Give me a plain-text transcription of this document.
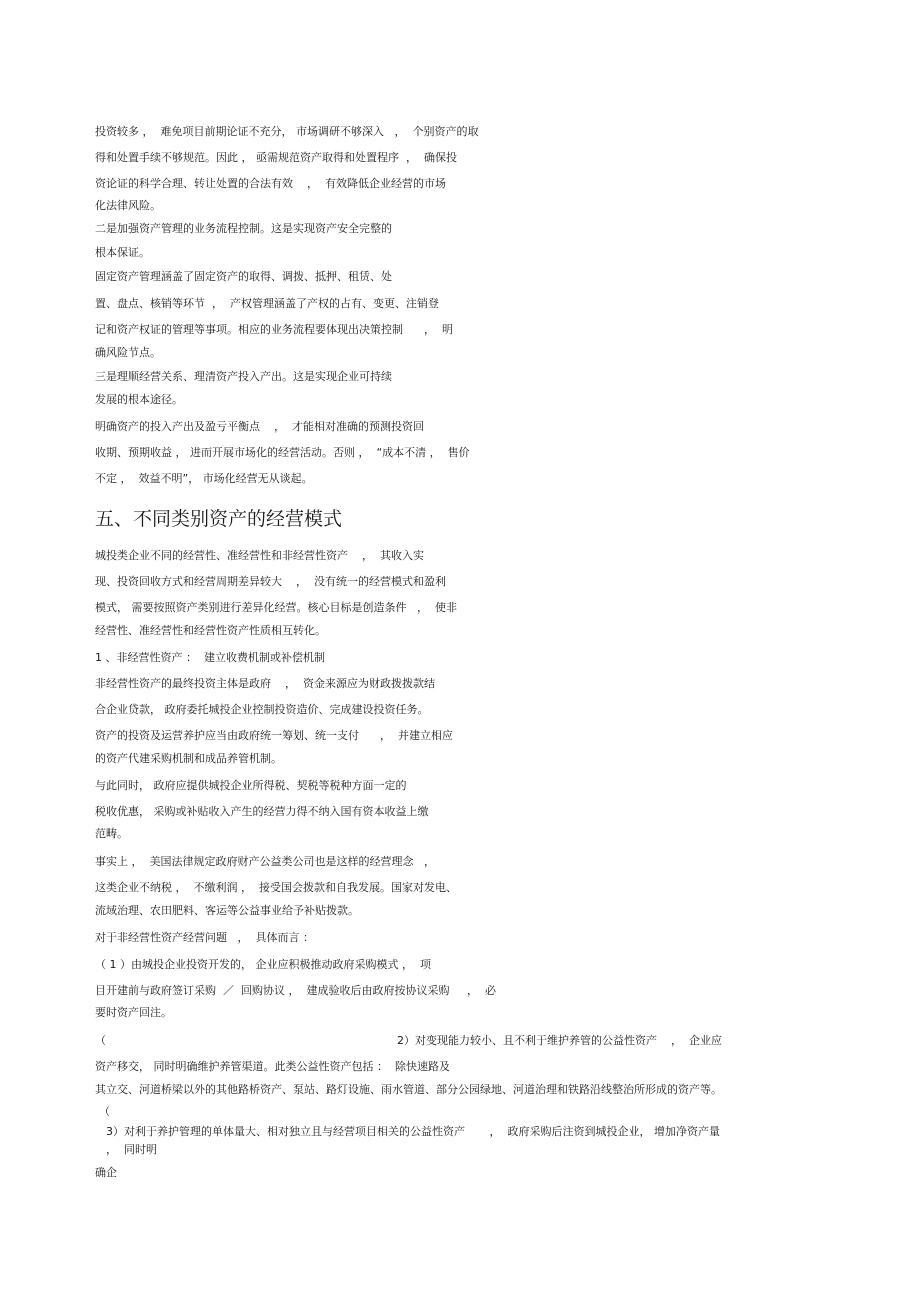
投资较多 ，  难免项目前期论证不充分， 市场调研不够深入   ，  个别资产的取
得和处置手续不够规范。因此 ， 亟需规范资产取得和处置程序  ，  确保投
资论证的科学合理、转让处置的合法有效    ，  有效降低企业经营的市场
化法律风险。
二是加强资产管理的业务流程控制。这是实现资产安全完整的
根本保证。
固定资产管理涵盖了固定资产的取得、调拨、抵押、租赁、处
置、盘点、核销等环节  ，  产权管理涵盖了产权的占有、变更、注销登
记和资产权证的管理等事项。相应的业务流程要体现出决策控制      ，  明
确风险节点。
三是理顺经营关系、理清资产投入产出。这是实现企业可持续
发展的根本途径。
明确资产的投入产出及盈亏平衡点    ，  才能相对准确的预测投资回
收期、预期收益 ， 进而开展市场化的经营活动。否则 ，  “成本不清 ，  售价
不定 ，  效益不明”， 市场化经营无从谈起。
五、不同类别资产的经营模式
城投类企业不同的经营性、准经营性和非经营性资产    ，  其收入实
现、投资回收方式和经营周期差异较大    ，  没有统一的经营模式和盈利
模式， 需要按照资产类别进行差异化经营。核心目标是创造条件   ，  使非
经营性、准经营性和经营性资产性质相互转化。
1 、非经营性资产 ：  建立收费机制或补偿机制
非经营性资产的最终投资主体是政府    ，  资金来源应为财政拨拨款结
合企业贷款， 政府委托城投企业控制投资造价、完成建设投资任务。
资产的投资及运营养护应当由政府统一筹划、统一支付      ，  并建立相应
的资产代建采购机制和成品养管机制。
与此同时， 政府应提供城投企业所得税、契税等税种方面一定的
税收优惠， 采购或补贴收入产生的经营力得不纳入国有资本收益上缴
范畴。
事实上 ，  美国法律规定政府财产公益类公司也是这样的经营理念   ，
这类企业不纳税 ，  不缴利润 ，  接受国会拨款和自我发展。国家对发电、
流域治理、农田肥料、客运等公益事业给予补贴拨款。
对于非经营性资产经营问题   ，  具体而言 ：
（ 1 ）由城投企业投资开发的， 企业应积极推动政府采购模式 ，  项
目开建前与政府签订采购  ／  回购协议 ，  建成验收后由政府按协议采购     ，  必
要时资产回注。
（	2）对变现能力较小、且不利于维护养管的公益性资产    ，  企业应
资产移交， 同时明确维护养管渠道。此类公益性资产包括 ：  除快速路及
其立交、河道桥梁以外的其他路桥资产、泵站、路灯设施、雨水管道、部分公园绿地、河道治理和铁路沿线整治所形成的资产等。
（
3）对利于养护管理的单体量大、相对独立且与经营项目相关的公益性资产       ，  政府采购后注资到城投企业， 增加净资产量
，  同时明
确企
